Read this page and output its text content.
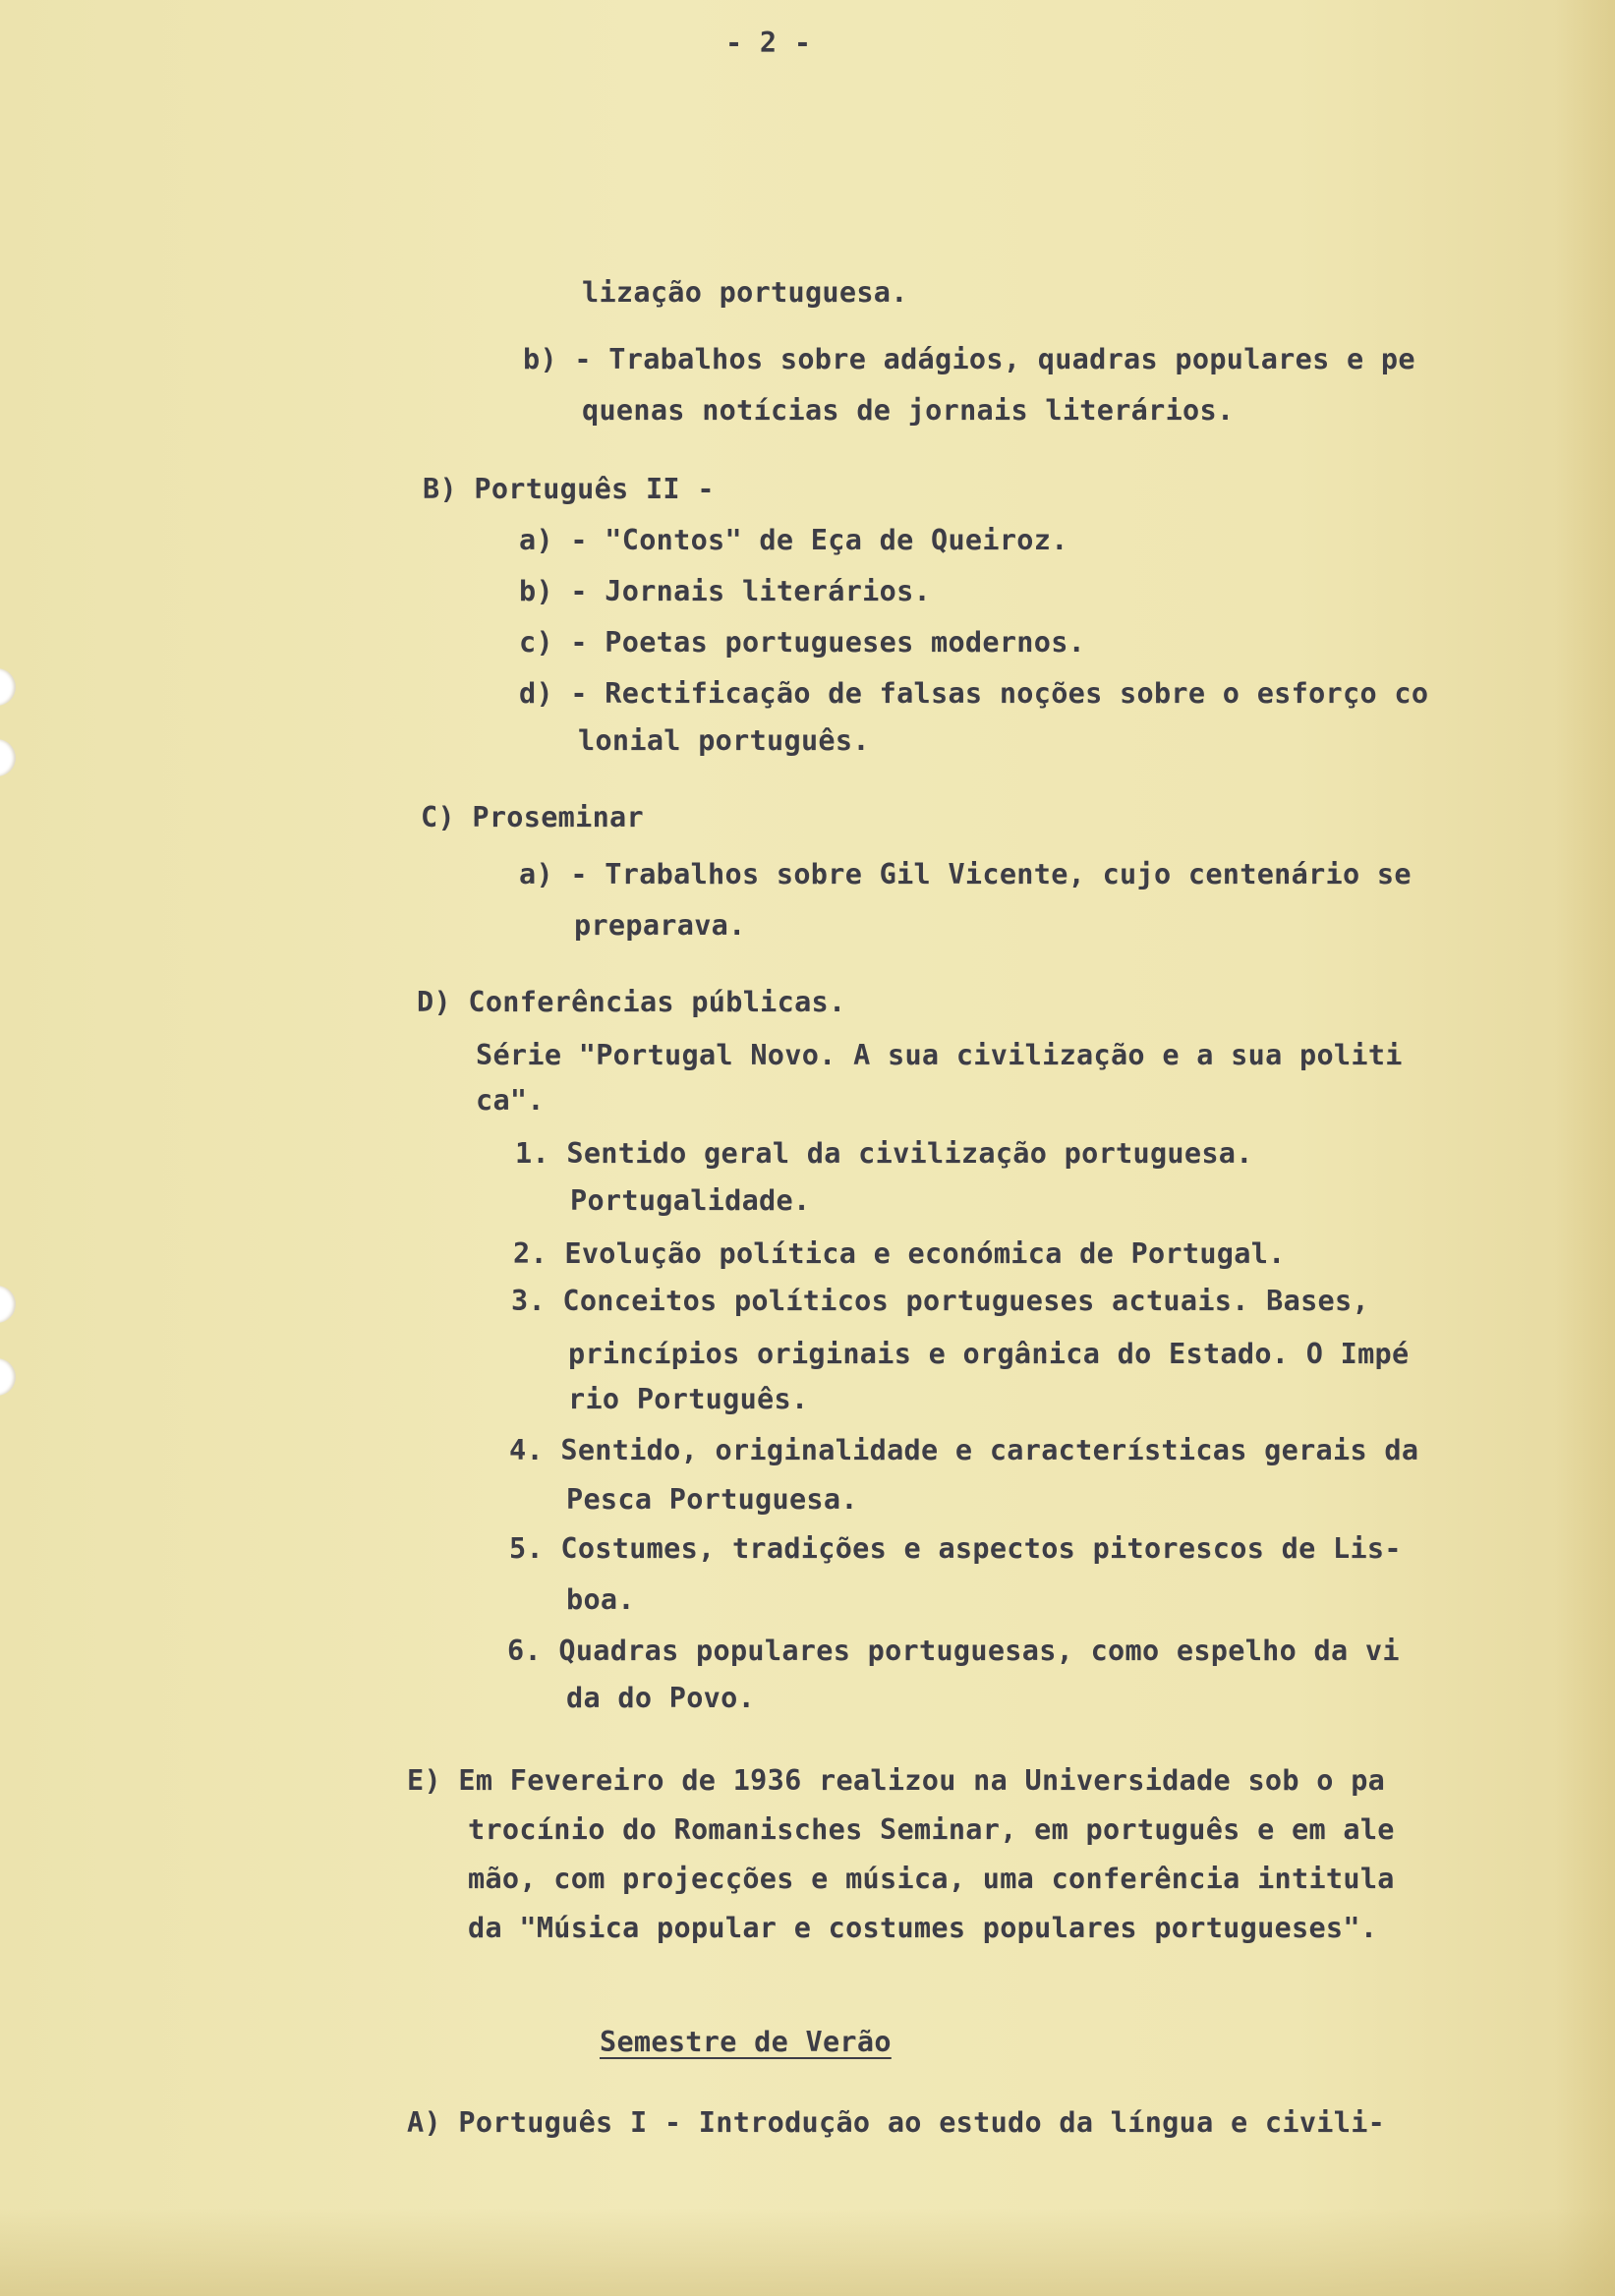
- 2 -
lização portuguesa.
b) - Trabalhos sobre adágios, quadras populares e pe
quenas notícias de jornais literários.
B) Português II -
a) - "Contos" de Eça de Queiroz.
b) - Jornais literários.
c) - Poetas portugueses modernos.
d) - Rectificação de falsas noções sobre o esforço co
lonial português.
C) Proseminar
a) - Trabalhos sobre Gil Vicente, cujo centenário se
preparava.
D) Conferências públicas.
Série "Portugal Novo. A sua civilização e a sua politi
ca".
1. Sentido geral da civilização portuguesa.
Portugalidade.
2. Evolução política e económica de Portugal.
3. Conceitos políticos portugueses actuais. Bases,
princípios originais e orgânica do Estado. O Impé
rio Português.
4. Sentido, originalidade e características gerais da
Pesca Portuguesa.
5. Costumes, tradições e aspectos pitorescos de Lis-
boa.
6. Quadras populares portuguesas, como espelho da vi
da do Povo.
E) Em Fevereiro de 1936 realizou na Universidade sob o pa
trocínio do Romanisches Seminar, em português e em ale
mão, com projecções e música, uma conferência intitula
da "Música popular e costumes populares portugueses".
Semestre de Verão
A) Português I - Introdução ao estudo da língua e civili-
